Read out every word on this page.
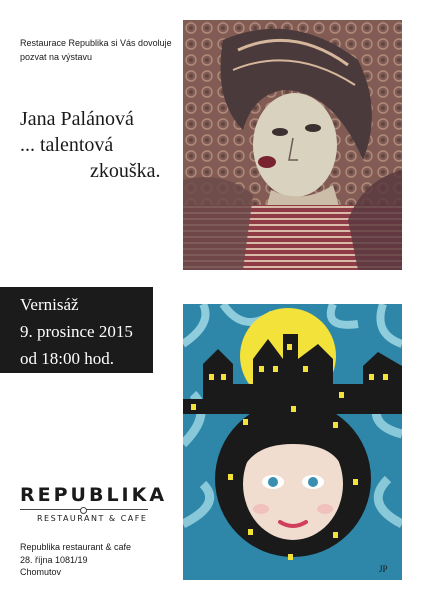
Restaurace Republika si Vás dovoluje pozvat na výstavu
Jana Palánová
... talentová
zkouška.
Vernisáž
9. prosince 2015
od 18:00 hod.
REPUBLIKA
RESTAURANT & CAFE
Republika restaurant & cafe
28. října 1081/19
Chomutov	JP
